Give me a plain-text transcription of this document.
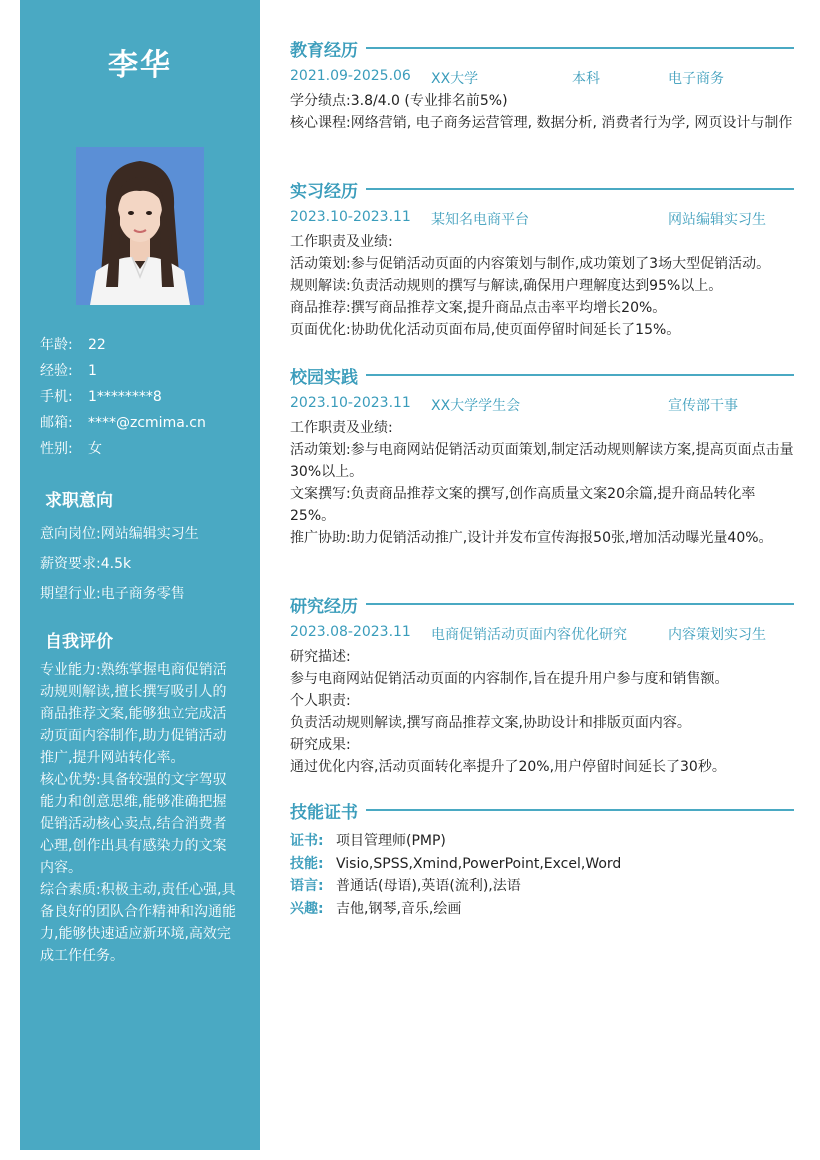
李华
年龄:	22
经验:	1
手机:	1********8
邮箱:	****@zcmima.cn
性别:	女
求职意向
意向岗位:网站编辑实习生
薪资要求:4.5k
期望行业:电子商务零售
自我评价

专业能力:熟练掌握电商促销活动规则解读,擅长撰写吸引人的商品推荐文案,能够独立完成活动页面内容制作,助力促销活动推广,提升网站转化率。

核心优势:具备较强的文字驾驭能力和创意思维,能够准确把握促销活动核心卖点,结合消费者心理,创作出具有感染力的文案内容。

综合素质:积极主动,责任心强,具备良好的团队合作精神和沟通能力,能够快速适应新环境,高效完成工作任务。

教育经历
2021.09-2025.06 XX大学	本科	电子商务

学分绩点:3.8/4.0 (专业排名前5%)

核心课程:网络营销, 电子商务运营管理, 数据分析, 消费者行为学, 网页设计与制作

实习经历
2023.10-2023.11 某知名电商平台	网站编辑实习生

工作职责及业绩:

活动策划:参与促销活动页面的内容策划与制作,成功策划了3场大型促销活动。

规则解读:负责活动规则的撰写与解读,确保用户理解度达到95%以上。

商品推荐:撰写商品推荐文案,提升商品点击率平均增长20%。

页面优化:协助优化活动页面布局,使页面停留时间延长了15%。

校园实践
2023.10-2023.11 XX大学学生会	宣传部干事

工作职责及业绩:

活动策划:参与电商网站促销活动页面策划,制定活动规则解读方案,提高页面点击量30%以上。

文案撰写:负责商品推荐文案的撰写,创作高质量文案20余篇,提升商品转化率25%。

推广协助:助力促销活动推广,设计并发布宣传海报50张,增加活动曝光量40%。

研究经历
2023.08-2023.11 电商促销活动页面内容优化研究	内容策划实习生

研究描述:

参与电商网站促销活动页面的内容制作,旨在提升用户参与度和销售额。

个人职责:

负责活动规则解读,撰写商品推荐文案,协助设计和排版页面内容。

研究成果:

通过优化内容,活动页面转化率提升了20%,用户停留时间延长了30秒。

技能证书
证书: 项目管理师(PMP)
技能: Visio,SPSS,Xmind,PowerPoint,Excel,Word
语言: 普通话(母语),英语(流利),法语
兴趣: 吉他,钢琴,音乐,绘画
